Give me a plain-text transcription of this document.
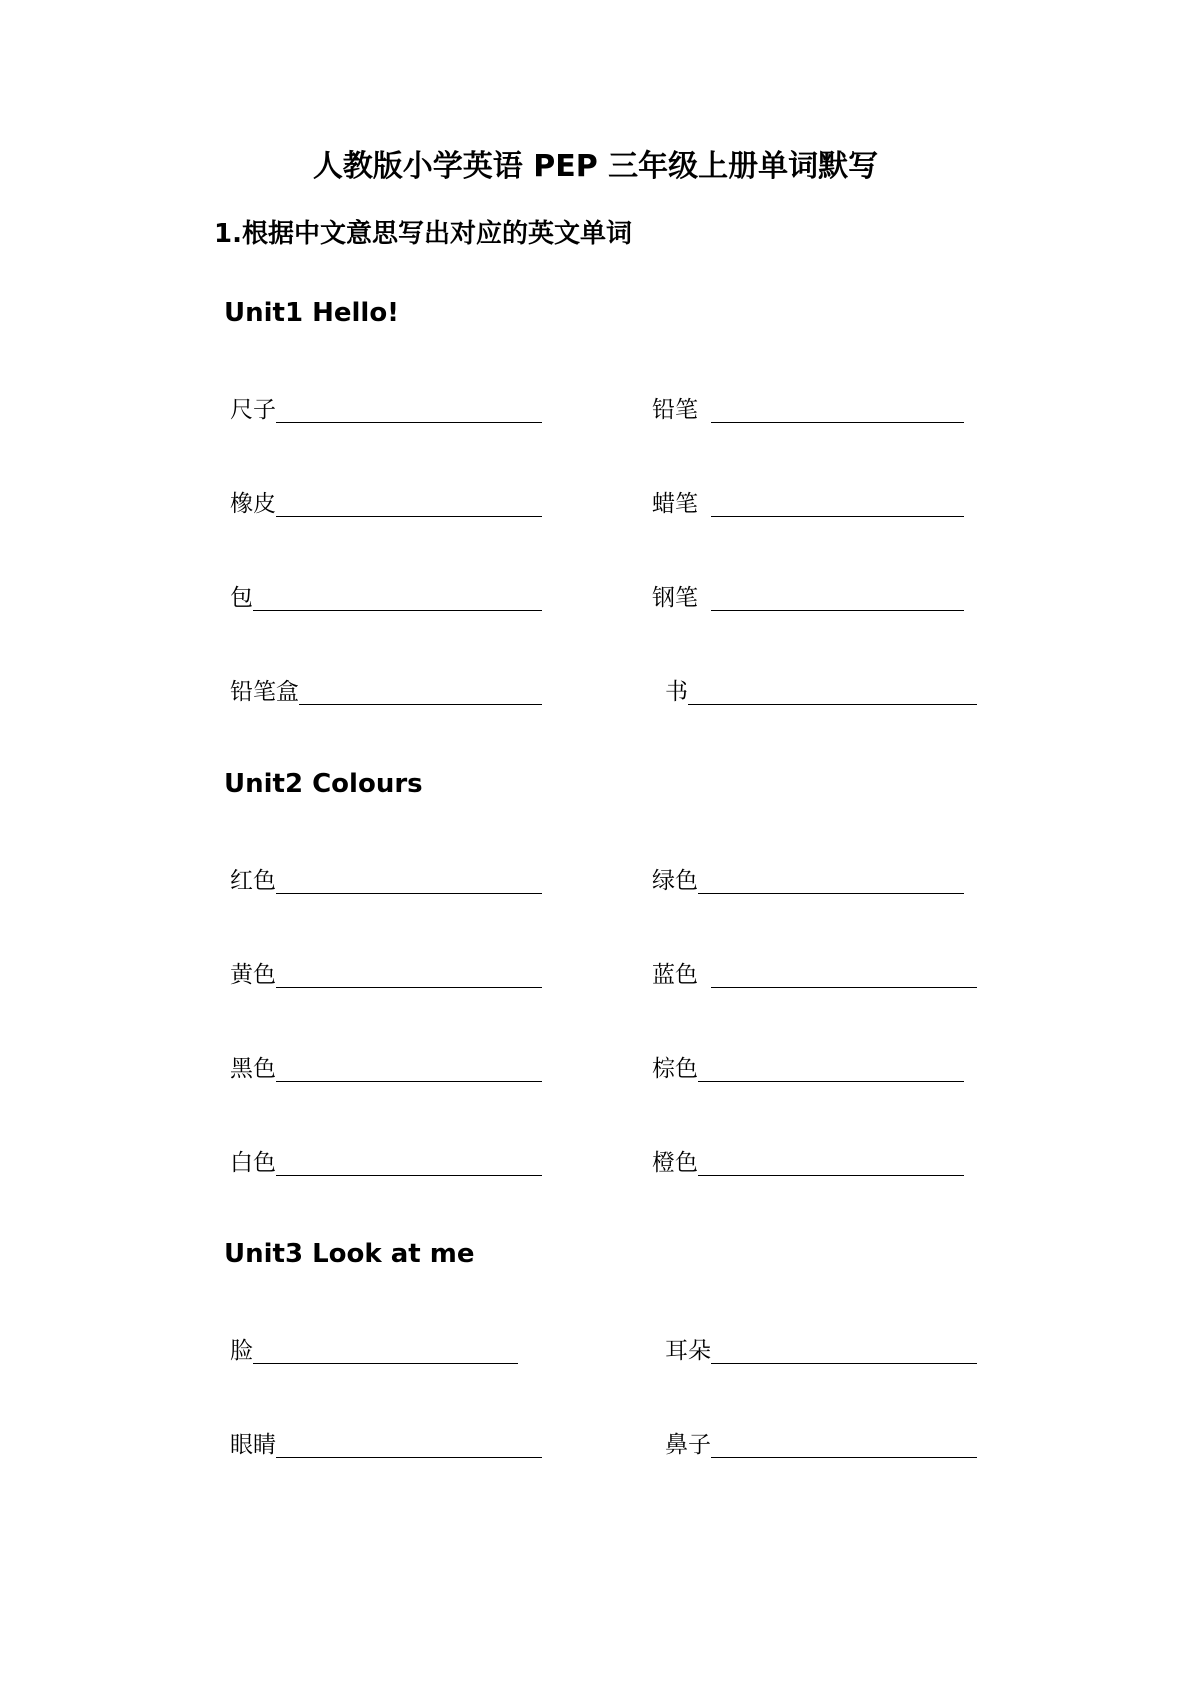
人教版小学英语 PEP 三年级上册单词默写
1.根据中文意思写出对应的英文单词
Unit1 Hello!
尺子	铅笔
橡皮	蜡笔
包	钢笔
铅笔盒	书
Unit2 Colours
红色	绿色
黄色	蓝色
黑色	棕色
白色	橙色
Unit3 Look at me
脸	耳朵
眼睛	鼻子
